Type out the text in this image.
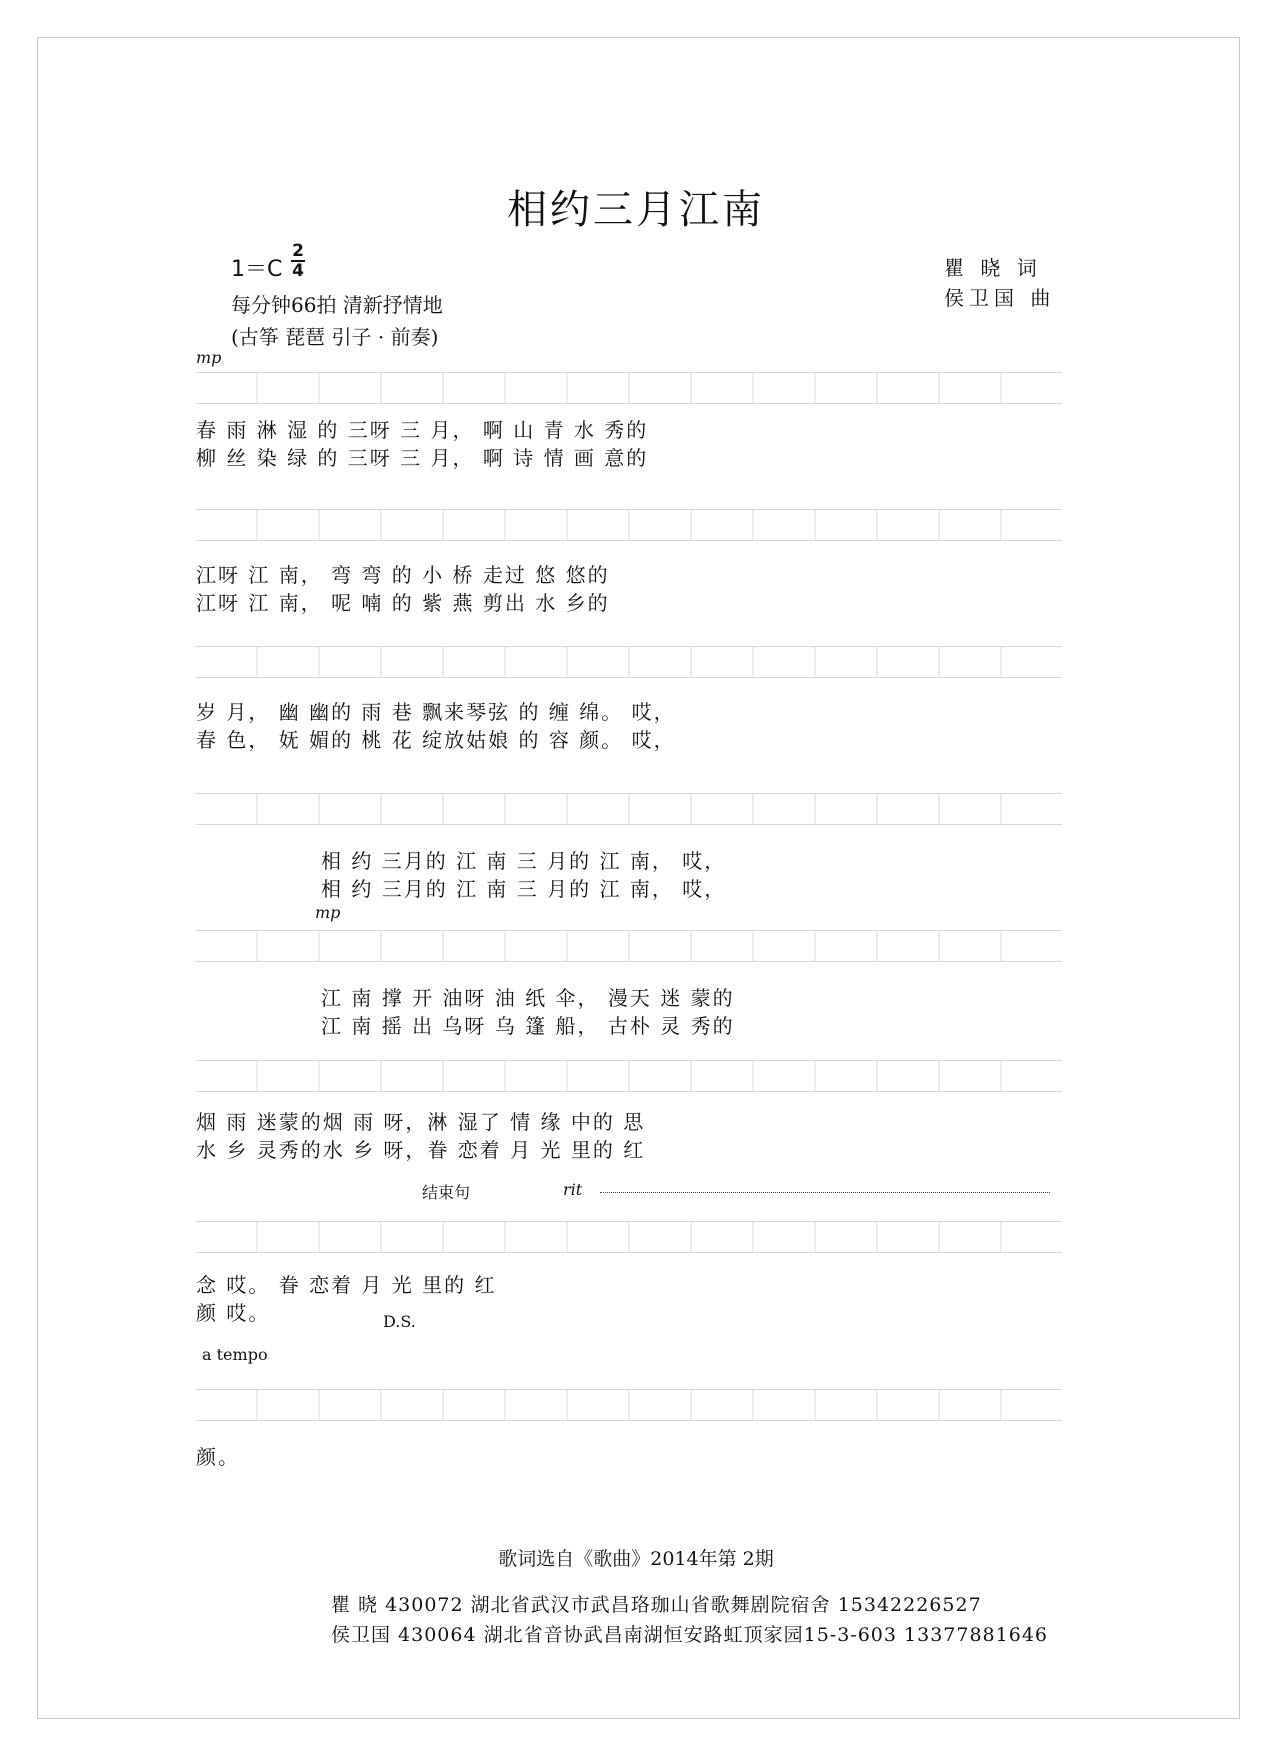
相约三月江南
1＝C
2
4
每分钟66拍 清新抒情地
(古筝 琵琶 引子 · 前奏)
瞿 晓 词
侯卫国 曲
mp
春 雨 淋 湿 的 三呀 三 月， 啊 山 青 水 秀的
柳 丝 染 绿 的 三呀 三 月， 啊 诗 情 画 意的
江呀 江 南， 弯 弯 的 小 桥 走过 悠 悠的
江呀 江 南， 呢 喃 的 紫 燕 剪出 水 乡的
岁 月， 幽 幽的 雨 巷 飘来琴弦 的 缠 绵。 哎，
春 色， 妩 媚的 桃 花 绽放姑娘 的 容 颜。 哎，
相 约 三月的 江 南 三 月的 江 南， 哎，
相 约 三月的 江 南 三 月的 江 南， 哎，
mp
江 南 撑 开 油呀 油 纸 伞， 漫天 迷 蒙的
江 南 摇 出 乌呀 乌 篷 船， 古朴 灵 秀的
烟 雨 迷蒙的烟 雨 呀，淋 湿了 情 缘 中的 思
水 乡 灵秀的水 乡 呀，眷 恋着 月 光 里的 红
结束句	rit
念 哎。 眷 恋着 月 光 里的 红
颜 哎。	D.S.
a tempo
颜。
歌词选自《歌曲》2014年第 2期
瞿 晓 430072 湖北省武汉市武昌珞珈山省歌舞剧院宿舍 15342226527
侯卫国 430064 湖北省音协武昌南湖恒安路虹顶家园15-3-603 13377881646
